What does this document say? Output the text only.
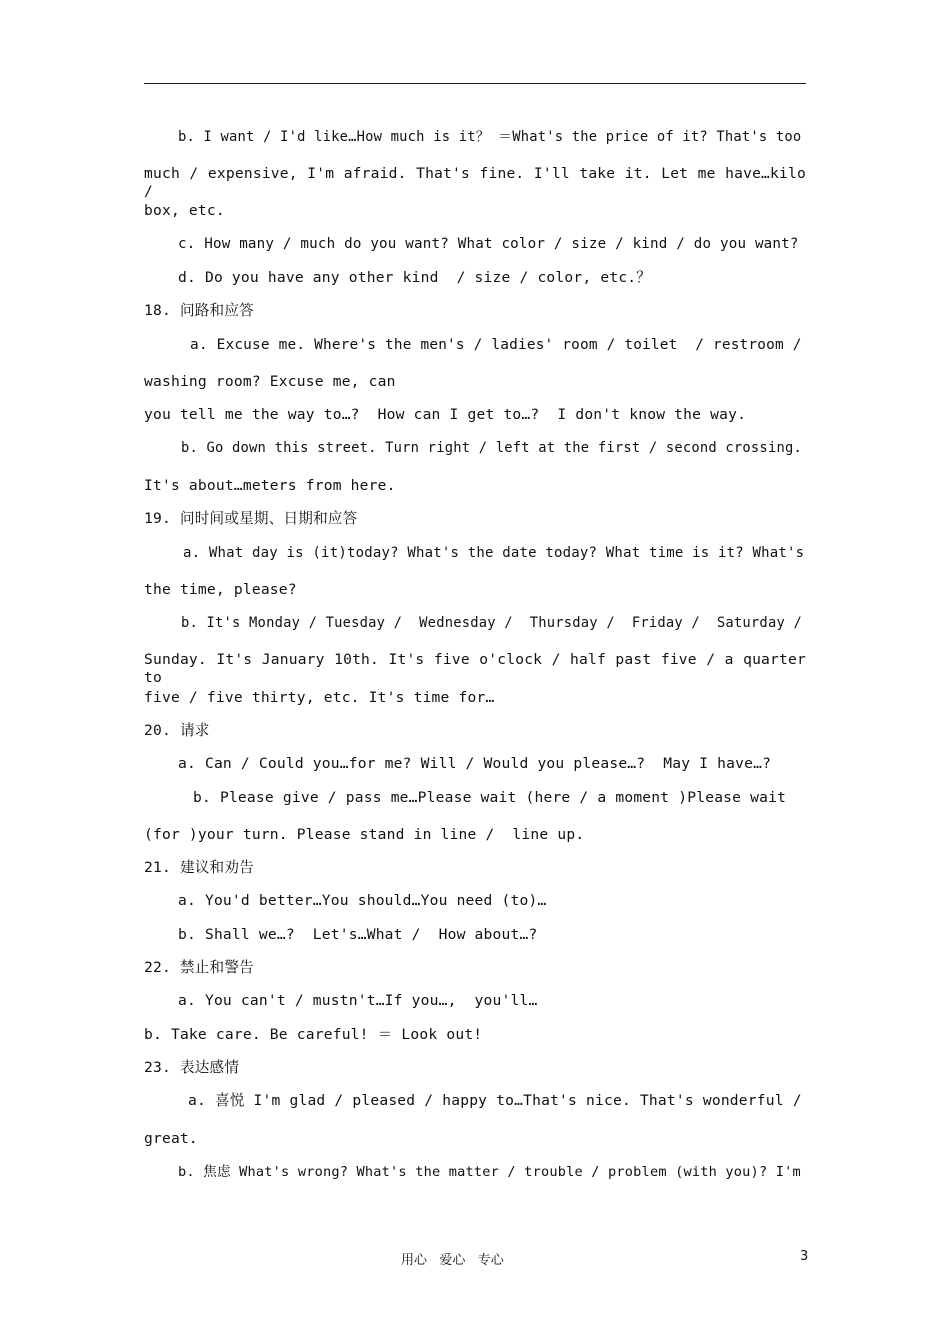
b. I want / I'd like…How much is it？ ＝What's the price of it? That's too
much / expensive, I'm afraid. That's fine. I'll take it. Let me have…kilo /
box, etc.
c. How many / much do you want? What color / size / kind / do you want?
d. Do you have any other kind  / size / color, etc.？
18. 问路和应答
a. Excuse me. Where's the men's / ladies' room / toilet  / restroom /
washing room? Excuse me, can
you tell me the way to…?  How can I get to…?  I don't know the way.
b. Go down this street. Turn right / left at the first / second crossing.
It's about…meters from here.
19. 问时间或星期、日期和应答
a. What day is (it)today? What's the date today? What time is it? What's
the time, please?
b. It's Monday / Tuesday /  Wednesday /  Thursday /  Friday /  Saturday /
Sunday. It's January 10th. It's five o'clock / half past five / a quarter to
five / five thirty, etc. It's time for…
20. 请求
a. Can / Could you…for me? Will / Would you please…?  May I have…?
b. Please give / pass me…Please wait (here / a moment )Please wait
(for )your turn. Please stand in line /  line up.
21. 建议和劝告
a. You'd better…You should…You need (to)…
b. Shall we…?  Let's…What /  How about…?
22. 禁止和警告
a. You can't / mustn't…If you…,  you'll…
b. Take care. Be careful! ＝ Look out!
23. 表达感情
a. 喜悦 I'm glad / pleased / happy to…That's nice. That's wonderful /
great.
b. 焦虑 What's wrong? What's the matter / trouble / problem (with you)? I'm
用心   爱心   专心	3
